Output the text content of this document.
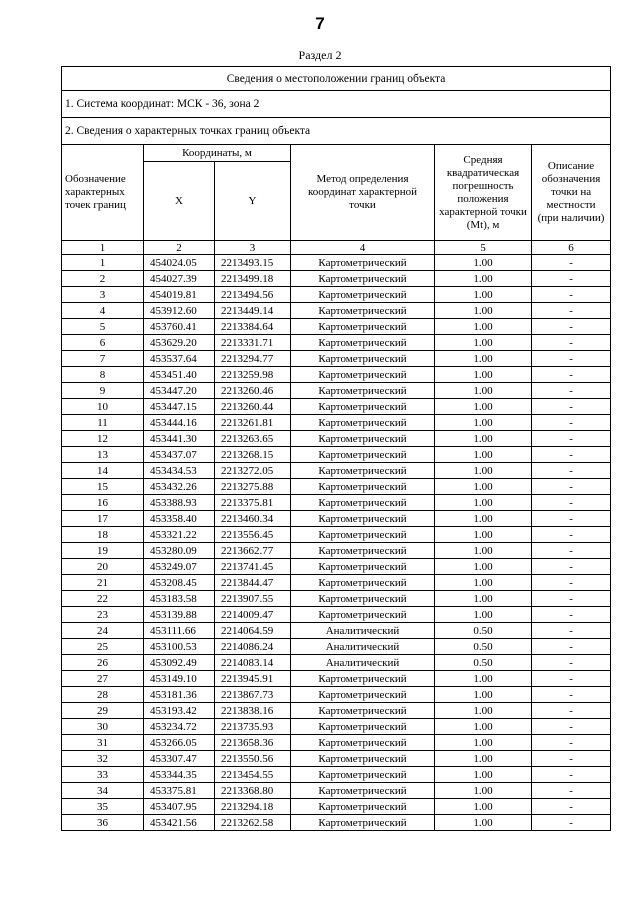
7
Раздел 2
Сведения о местоположении границ объекта					
1. Система координат: МСК - 36, зона 2					
2. Сведения о характерных точках границ объекта					
Обозначение характерных точек границ	Координаты, м		Метод определения координат характерной точки	Средняя квадратическая погрешность положения характерной точки (Mt), м	Описание обозначения точки на местности (при наличии)
	X	Y			
1	2	3	4	5	6
1	454024.05	2213493.15	Картометрический	1.00	-
2	454027.39	2213499.18	Картометрический	1.00	-
3	454019.81	2213494.56	Картометрический	1.00	-
4	453912.60	2213449.14	Картометрический	1.00	-
5	453760.41	2213384.64	Картометрический	1.00	-
6	453629.20	2213331.71	Картометрический	1.00	-
7	453537.64	2213294.77	Картометрический	1.00	-
8	453451.40	2213259.98	Картометрический	1.00	-
9	453447.20	2213260.46	Картометрический	1.00	-
10	453447.15	2213260.44	Картометрический	1.00	-
11	453444.16	2213261.81	Картометрический	1.00	-
12	453441.30	2213263.65	Картометрический	1.00	-
13	453437.07	2213268.15	Картометрический	1.00	-
14	453434.53	2213272.05	Картометрический	1.00	-
15	453432.26	2213275.88	Картометрический	1.00	-
16	453388.93	2213375.81	Картометрический	1.00	-
17	453358.40	2213460.34	Картометрический	1.00	-
18	453321.22	2213556.45	Картометрический	1.00	-
19	453280.09	2213662.77	Картометрический	1.00	-
20	453249.07	2213741.45	Картометрический	1.00	-
21	453208.45	2213844.47	Картометрический	1.00	-
22	453183.58	2213907.55	Картометрический	1.00	-
23	453139.88	2214009.47	Картометрический	1.00	-
24	453111.66	2214064.59	Аналитический	0.50	-
25	453100.53	2214086.24	Аналитический	0.50	-
26	453092.49	2214083.14	Аналитический	0.50	-
27	453149.10	2213945.91	Картометрический	1.00	-
28	453181.36	2213867.73	Картометрический	1.00	-
29	453193.42	2213838.16	Картометрический	1.00	-
30	453234.72	2213735.93	Картометрический	1.00	-
31	453266.05	2213658.36	Картометрический	1.00	-
32	453307.47	2213550.56	Картометрический	1.00	-
33	453344.35	2213454.55	Картометрический	1.00	-
34	453375.81	2213368.80	Картометрический	1.00	-
35	453407.95	2213294.18	Картометрический	1.00	-
36	453421.56	2213262.58	Картометрический	1.00	-
